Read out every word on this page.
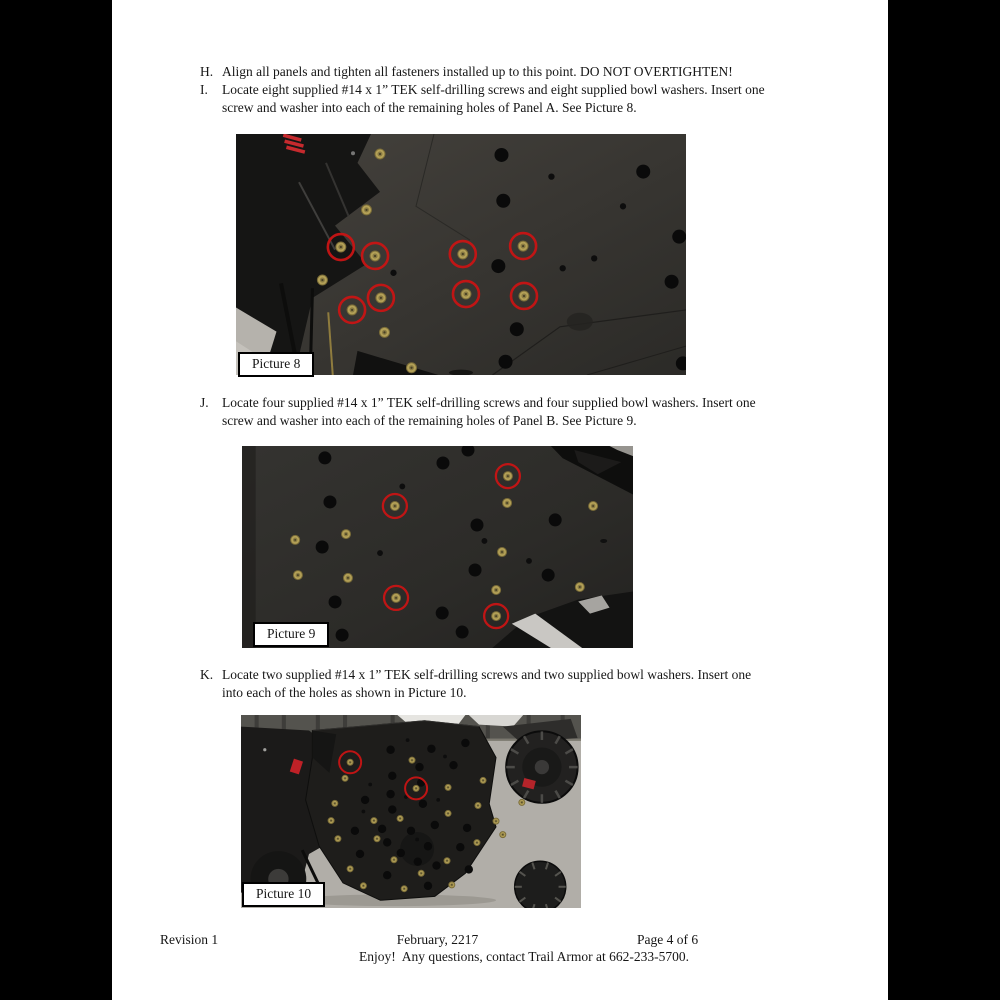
H. Align all panels and tighten all fasteners installed up to this point. DO NOT OVERTIGHTEN!
I.	Locate eight supplied #14 x 1” TEK self-drilling screws and eight supplied bowl washers. Insert one
screw and washer into each of the remaining holes of Panel A. See Picture 8.
Picture 8
J. Locate four supplied #14 x 1” TEK self-drilling screws and four supplied bowl washers. Insert one
screw and washer into each of the remaining holes of Panel B. See Picture 9.
Picture 9
K. Locate two supplied #14 x 1” TEK self-drilling screws and two supplied bowl washers. Insert one
into each of the holes as shown in Picture 10.
Picture 10
Revision 1	February, 2217	Page 4 of 6
Enjoy!  Any questions, contact Trail Armor at 662-233-5700.
